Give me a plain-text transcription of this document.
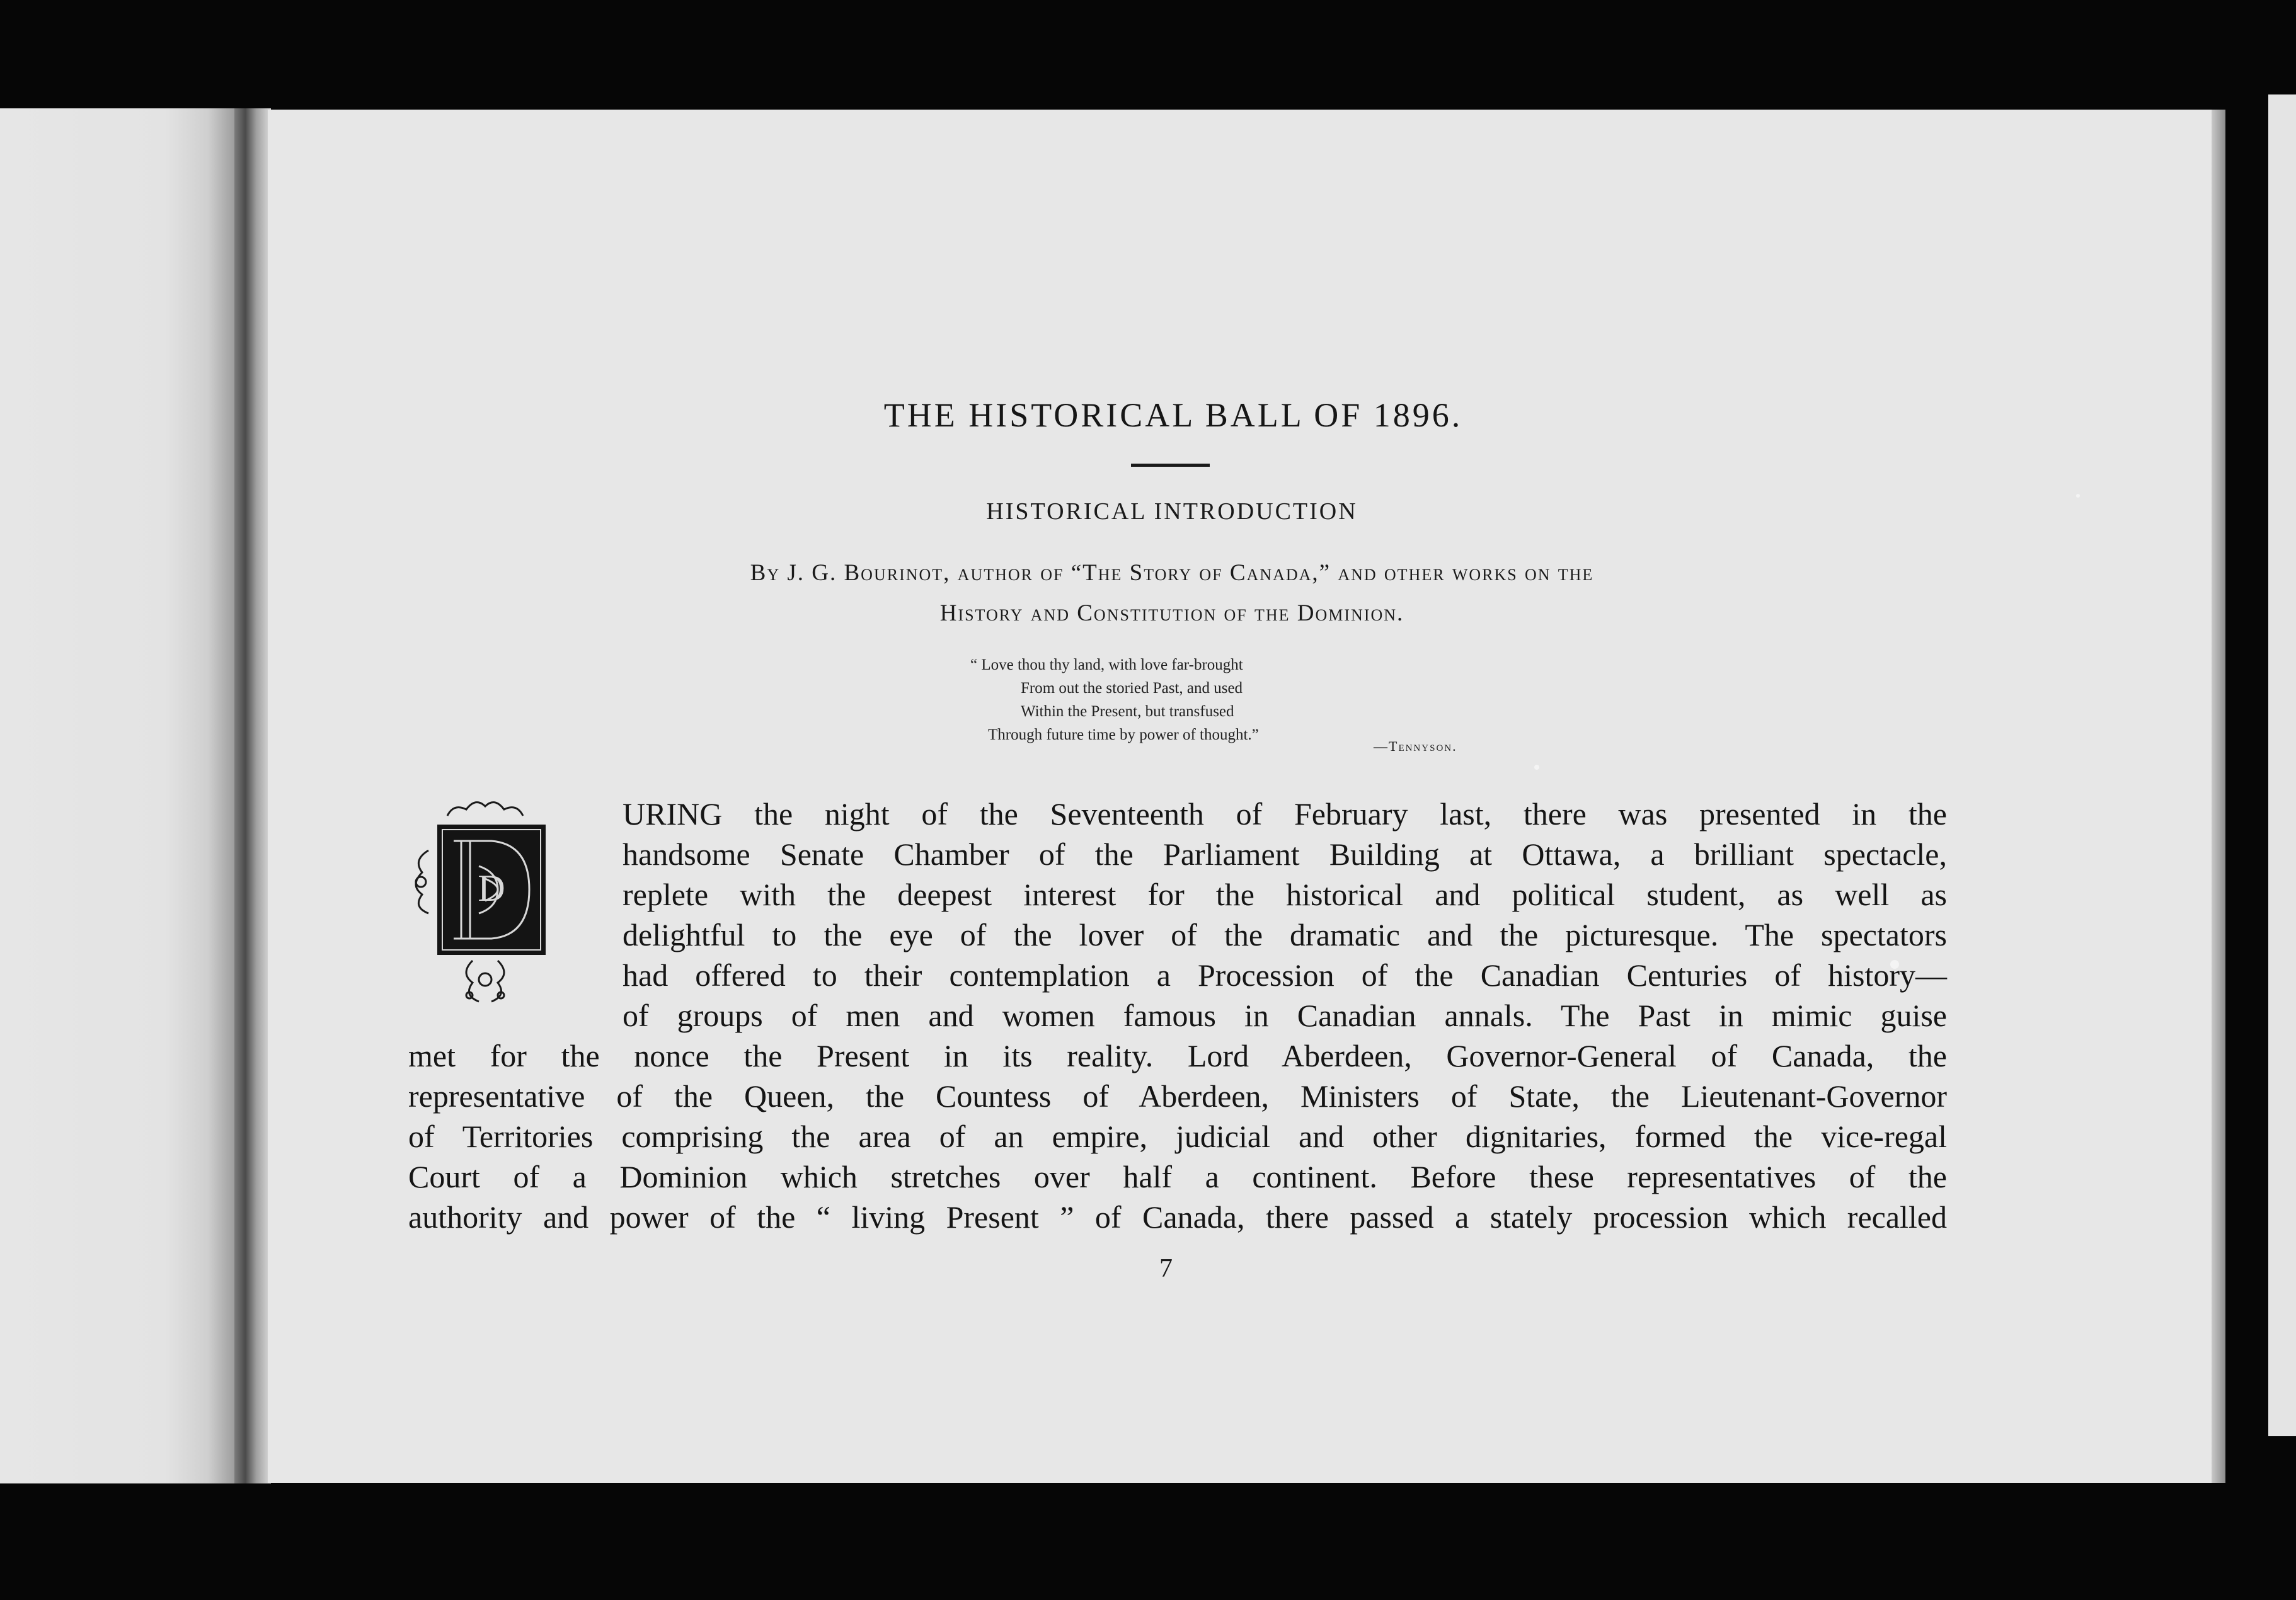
THE HISTORICAL BALL OF 1896.
HISTORICAL INTRODUCTION
By J. G. Bourinot, author of “The Story of Canada,” and other works on the
History and Constitution of the Dominion.
“ Love thou thy land, with love far-brought
From out the storied Past, and used
Within the Present, but transfused
Through future time by power of thought.”
—Tennyson.
D

URING the night of the Seventeenth of February last, there was presented in the

handsome Senate Chamber of the Parliament Building at Ottawa, a brilliant spectacle,

replete with the deepest interest for the historical and political student, as well as

delightful to the eye of the lover of the dramatic and the picturesque. The spectators

had offered to their contemplation a Procession of the Canadian Centuries of history—

of groups of men and women famous in Canadian annals. The Past in mimic guise

met for the nonce the Present in its reality. Lord Aberdeen, Governor-General of Canada, the

representative of the Queen, the Countess of Aberdeen, Ministers of State, the Lieutenant-Governor

of Territories comprising the area of an empire, judicial and other dignitaries, formed the vice-regal

Court of a Dominion which stretches over half a continent. Before these representatives of the

authority and power of the “ living Present ” of Canada, there passed a stately procession which recalled

7
